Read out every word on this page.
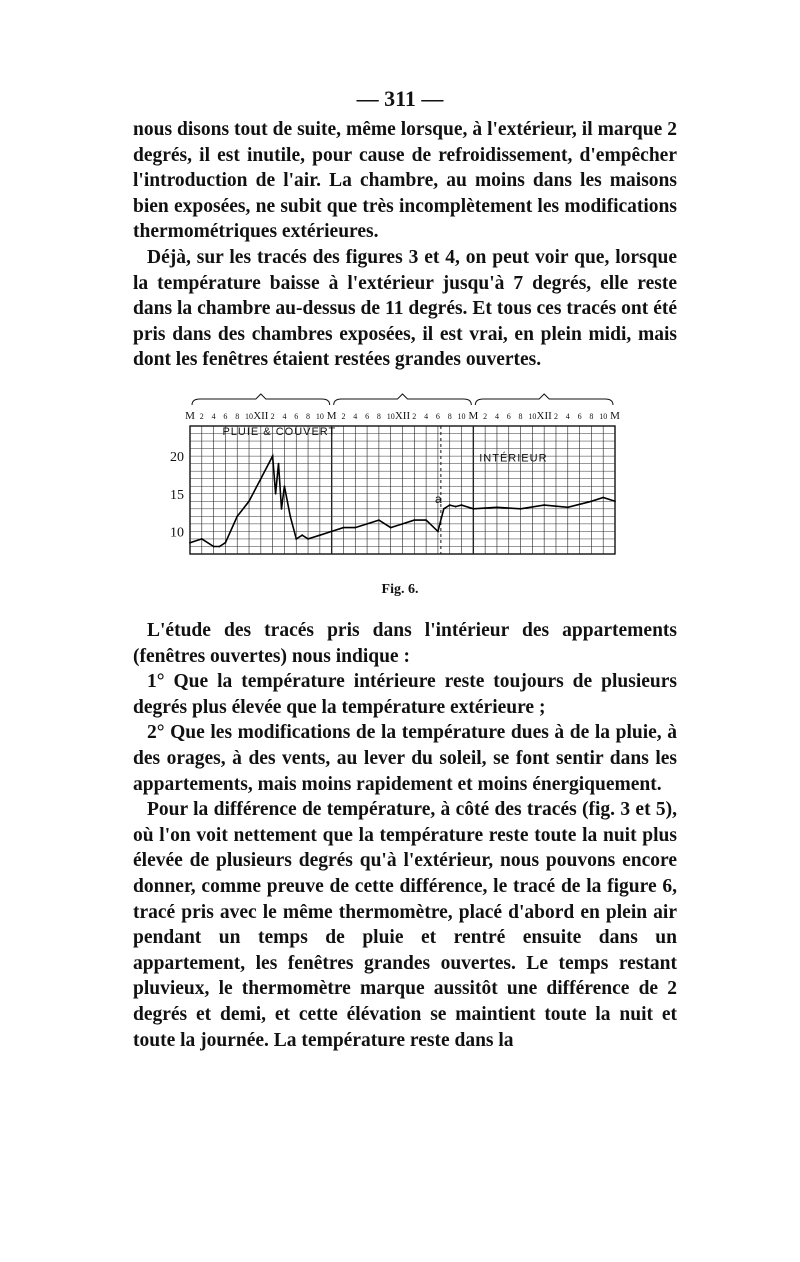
— 311 —

nous disons tout de suite, même lorsque, à l'extérieur, il marque 2 degrés, il est inutile, pour cause de refroidissement, d'empêcher l'introduction de l'air. La chambre, au moins dans les maisons bien exposées, ne subit que très incomplètement les modifications thermométriques extérieures.

Déjà, sur les tracés des figures 3 et 4, on peut voir que, lorsque la température baisse à l'extérieur jusqu'à 7 degrés, elle reste dans la chambre au-dessus de 11 degrés. Et tous ces tracés ont été pris dans des chambres exposées, il est vrai, en plein midi, mais dont les fenêtres étaient restées grandes ouvertes.

M 2 4 6 8 10 XII 2 4 6 8 10 M 2 4 6 8 10 XII 2 4 6 8 10 M 2 4 6 8 10 XII 2 4 6 8 10 M
20
15
10
PLUIE & COUVERT
INTÉRIEUR
a
Fig. 6.

L'étude des tracés pris dans l'intérieur des appartements (fenêtres ouvertes) nous indique :

1° Que la température intérieure reste toujours de plusieurs degrés plus élevée que la température extérieure ;

2° Que les modifications de la température dues à de la pluie, à des orages, à des vents, au lever du soleil, se font sentir dans les appartements, mais moins rapidement et moins énergiquement.

Pour la différence de température, à côté des tracés (fig. 3 et 5), où l'on voit nettement que la température reste toute la nuit plus élevée de plusieurs degrés qu'à l'extérieur, nous pouvons encore donner, comme preuve de cette différence, le tracé de la figure 6, tracé pris avec le même thermomètre, placé d'abord en plein air pendant un temps de pluie et rentré ensuite dans un appartement, les fenêtres grandes ouvertes. Le temps restant pluvieux, le thermomètre marque aussitôt une différence de 2 degrés et demi, et cette élévation se maintient toute la nuit et toute la journée. La température reste dans la
